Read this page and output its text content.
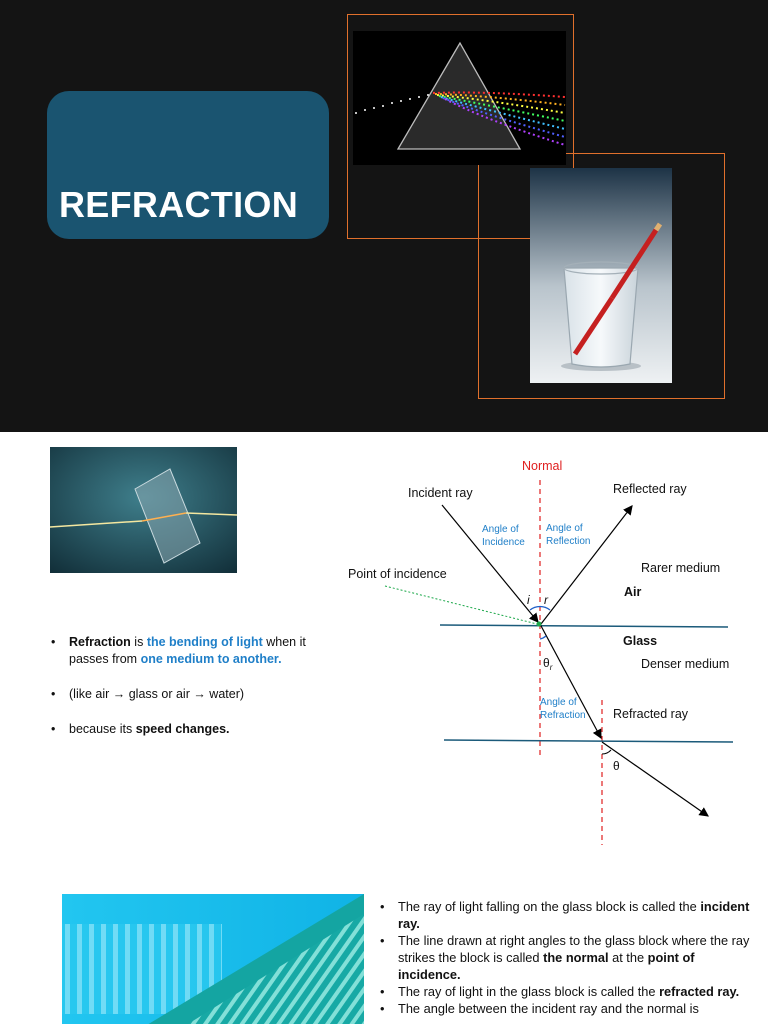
REFRACTION
• Refraction is the bending of light when it passes from one medium to another.
• (like air → glass or air → water)
• because its speed changes.
Normal
Incident ray	Reflected ray
Angle of
Incidence
Angle of
Reflection
Point of incidence	Rarer medium
Air
Glass
Denser medium
i r
$\theta_r$
Angle of
Refraction Refracted ray
θ
• The ray of light falling on the glass block is called the incident ray.
• The line drawn at right angles to the glass block where the ray strikes the block is called the normal at the point of incidence.
• The ray of light in the glass block is called the refracted ray.
• The angle between the incident ray and the normal is
